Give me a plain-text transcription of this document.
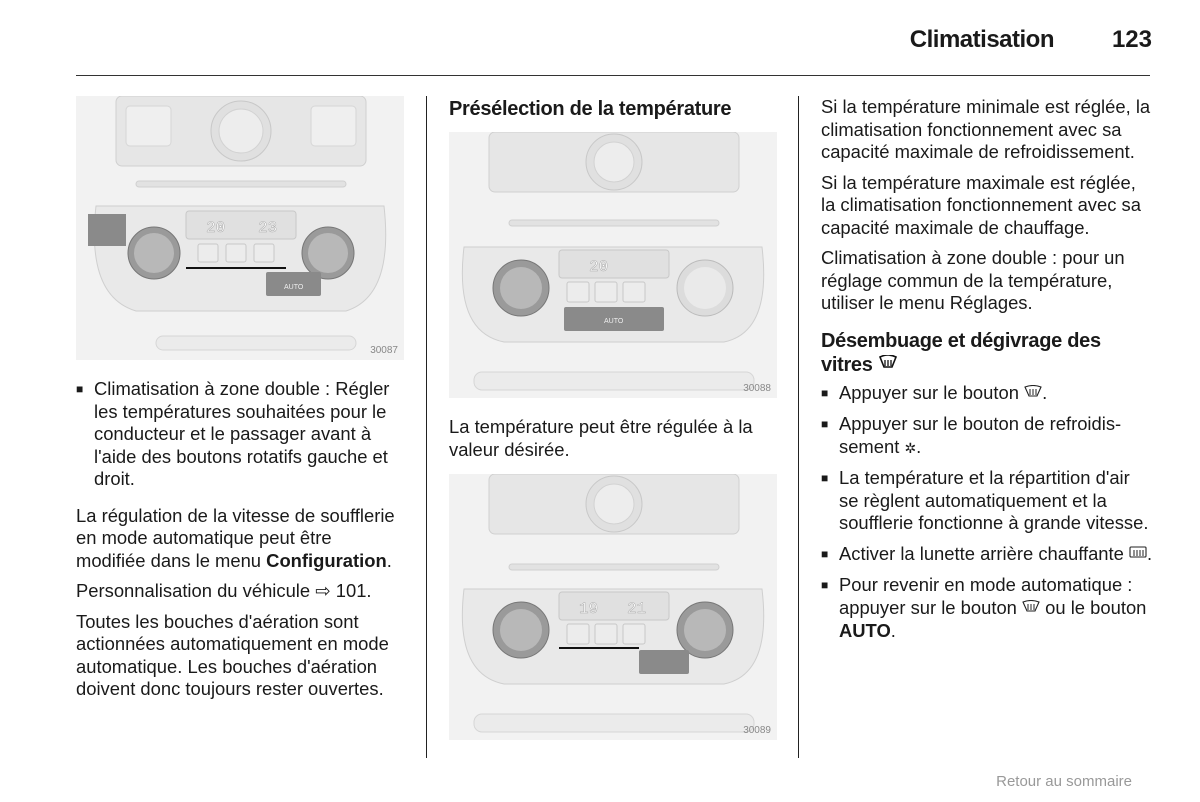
Climatisation 123
20 23
AUTO
30087
■ Climatisation à zone double : Régler les températures souhaitées pour le conducteur et le passager avant à l'aide des boutons rotatifs gauche et droit.

La régulation de la vitesse de soufflerie en mode automatique peut être modifiée dans le menu Configuration.

Personnalisation du véhicule ⇨ 101.

Toutes les bouches d'aération sont actionnées automatiquement en mode automatique. Les bouches d'aération doivent donc toujours rester ouvertes.

Présélection de la température
20
AUTO
30088
La température peut être régulée à la valeur désirée.
19 21
30089

Si la température minimale est réglée, la climatisation fonctionnement avec sa capacité maximale de refroidissement.

Si la température maximale est réglée, la climatisation fonctionnement avec sa capacité maximale de chauffage.

Climatisation à zone double : pour un réglage commun de la température, utiliser le menu Réglages.

Désembuage et dégivrage des vitres
■ Appuyer sur le bouton .
■ Appuyer sur le bouton de refroidissement ✲.
■ La température et la répartition d'air se règlent automatiquement et la soufflerie fonctionne à grande vitesse.
■ Activer la lunette arrière chauffante .
■ Pour revenir en mode automatique : appuyer sur le bouton ou le bouton AUTO.
Retour au sommaire
